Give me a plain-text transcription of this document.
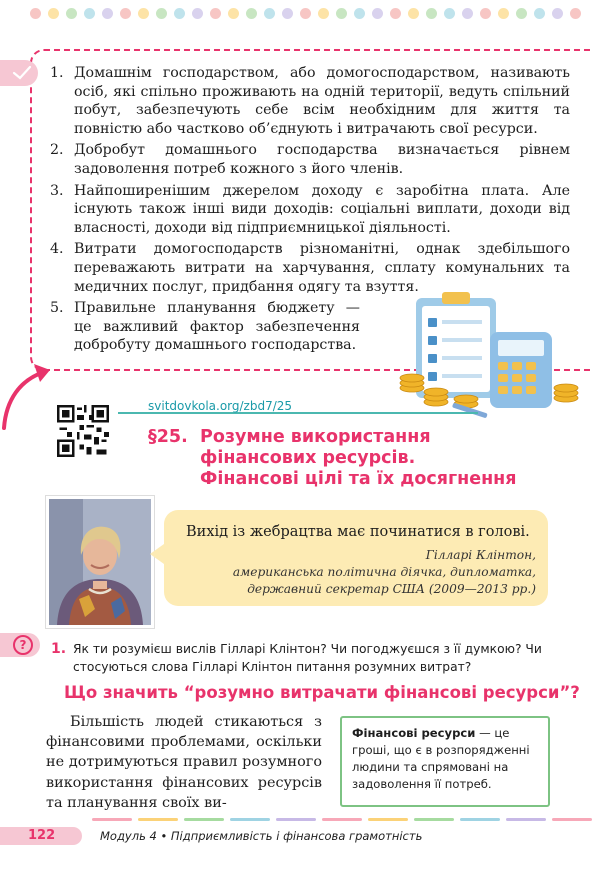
1. Домашнім господарством, або домогосподарством, називають осіб, які спільно проживають на одній території, ведуть спільний побут, забезпечують себе всім необхідним для життя та повністю або частково об’єднують і витрачають свої ресурси.
2. Добробут домашнього господарства визначається рівнем задоволення потреб кожного з його членів.
3. Найпоширенішим джерелом доходу є заробітна плата. Але існують також інші види доходів: соціальні виплати, доходи від власності, доходи від підприємницької діяльності.
4. Витрати домогосподарств різноманітні, однак здебільшого переважають витрати на харчування, сплату комунальних та медичних послуг, придбання одягу та взуття.
5. Правильне планування бюджету — це важливий фактор забезпечення добробуту домашнього господарства.
svitdovkola.org/zbd7/25
§25. Розумне використання
фінансових ресурсів.
Фінансові цілі та їх досягнення
Вихід із жебрацтва має починатися в голові.
Гілларі Клінтон,
американська політична діячка, дипломатка,
державний секретар США (2009—2013 рр.)
?	1. Як ти розумієш вислів Гілларі Клінтон? Чи погоджуєшся з її думкою? Чи стосуються слова Гілларі Клінтон питання розумних витрат?
Що значить “розумно витрачати фінансові ресурси”?
Більшість людей стикаються з фінансовими проблемами, оскільки не дотримуються правил розумного використання фінансових ресурсів та планування своїх ви-
Фінансові ресурси — це гроші, що є в розпорядженні людини та спрямовані на задоволення її потреб.
122	Модуль 4 • Підприємливість і фінансова грамотність
